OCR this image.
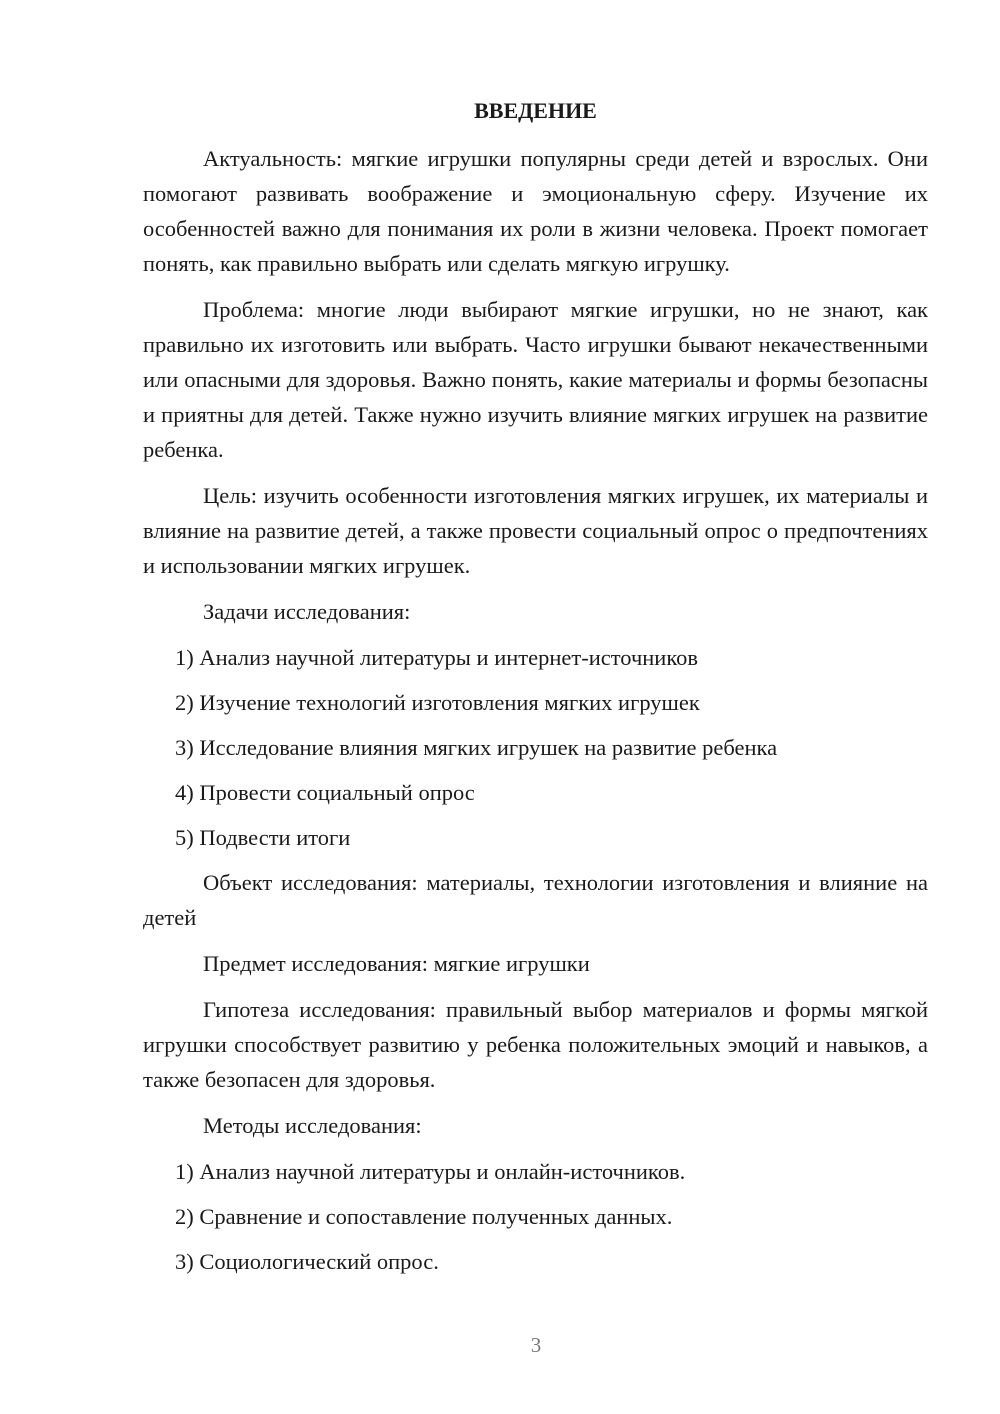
ВВЕДЕНИЕ

Актуальность: мягкие игрушки популярны среди детей и взрослых. Они помогают развивать воображение и эмоциональную сферу. Изучение их особенностей важно для понимания их роли в жизни человека. Проект помогает понять, как правильно выбрать или сделать мягкую игрушку.

Проблема: многие люди выбирают мягкие игрушки, но не знают, как правильно их изготовить или выбрать. Часто игрушки бывают некачественными или опасными для здоровья. Важно понять, какие материалы и формы безопасны и приятны для детей. Также нужно изучить влияние мягких игрушек на развитие ребенка.

Цель: изучить особенности изготовления мягких игрушек, их материалы и влияние на развитие детей, а также провести социальный опрос о предпочтениях и использовании мягких игрушек.

Задачи исследования:

1) Анализ научной литературы и интернет-источников
2) Изучение технологий изготовления мягких игрушек
3) Исследование влияния мягких игрушек на развитие ребенка
4) Провести социальный опрос
5) Подвести итоги

Объект исследования: материалы, технологии изготовления и влияние на детей

Предмет исследования: мягкие игрушки

Гипотеза исследования: правильный выбор материалов и формы мягкой игрушки способствует развитию у ребенка положительных эмоций и навыков, а также безопасен для здоровья.

Методы исследования:

1) Анализ научной литературы и онлайн-источников.
2) Сравнение и сопоставление полученных данных.
3) Социологический опрос.
3
